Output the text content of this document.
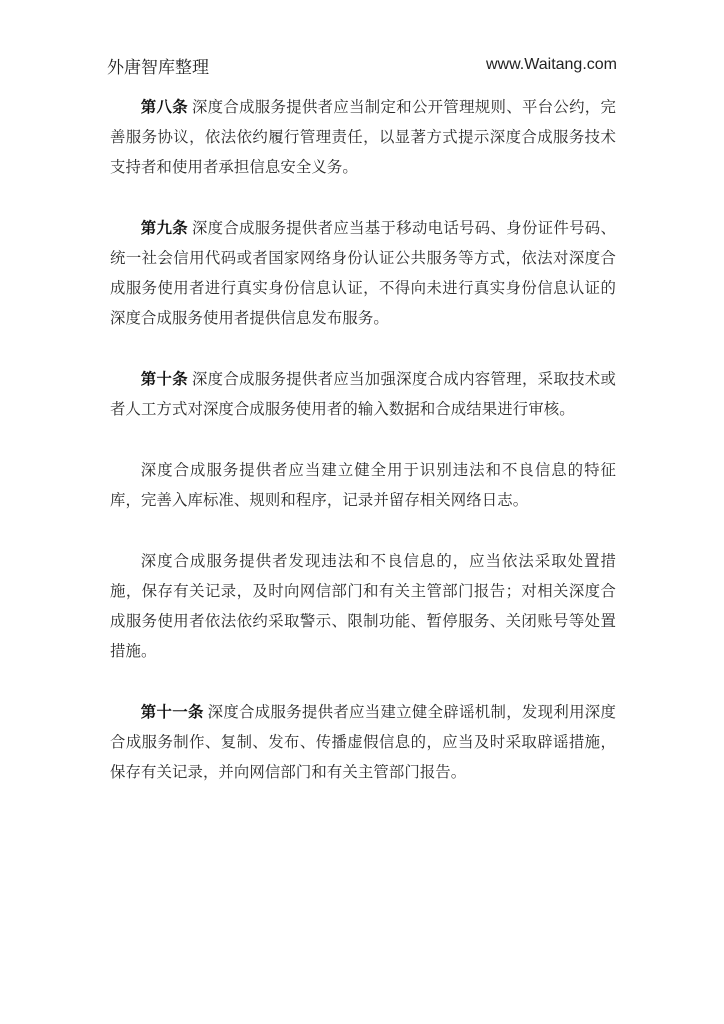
外唐智库整理	www.Waitang.com

第八条 深度合成服务提供者应当制定和公开管理规则、平台公约，完善服务协议，依法依约履行管理责任，以显著方式提示深度合成服务技术支持者和使用者承担信息安全义务。

第九条 深度合成服务提供者应当基于移动电话号码、身份证件号码、统一社会信用代码或者国家网络身份认证公共服务等方式，依法对深度合成服务使用者进行真实身份信息认证，不得向未进行真实身份信息认证的深度合成服务使用者提供信息发布服务。

第十条 深度合成服务提供者应当加强深度合成内容管理，采取技术或者人工方式对深度合成服务使用者的输入数据和合成结果进行审核。

深度合成服务提供者应当建立健全用于识别违法和不良信息的特征库，完善入库标准、规则和程序，记录并留存相关网络日志。

深度合成服务提供者发现违法和不良信息的，应当依法采取处置措施，保存有关记录，及时向网信部门和有关主管部门报告；对相关深度合成服务使用者依法依约采取警示、限制功能、暂停服务、关闭账号等处置措施。

第十一条 深度合成服务提供者应当建立健全辟谣机制，发现利用深度合成服务制作、复制、发布、传播虚假信息的，应当及时采取辟谣措施，保存有关记录，并向网信部门和有关主管部门报告。
